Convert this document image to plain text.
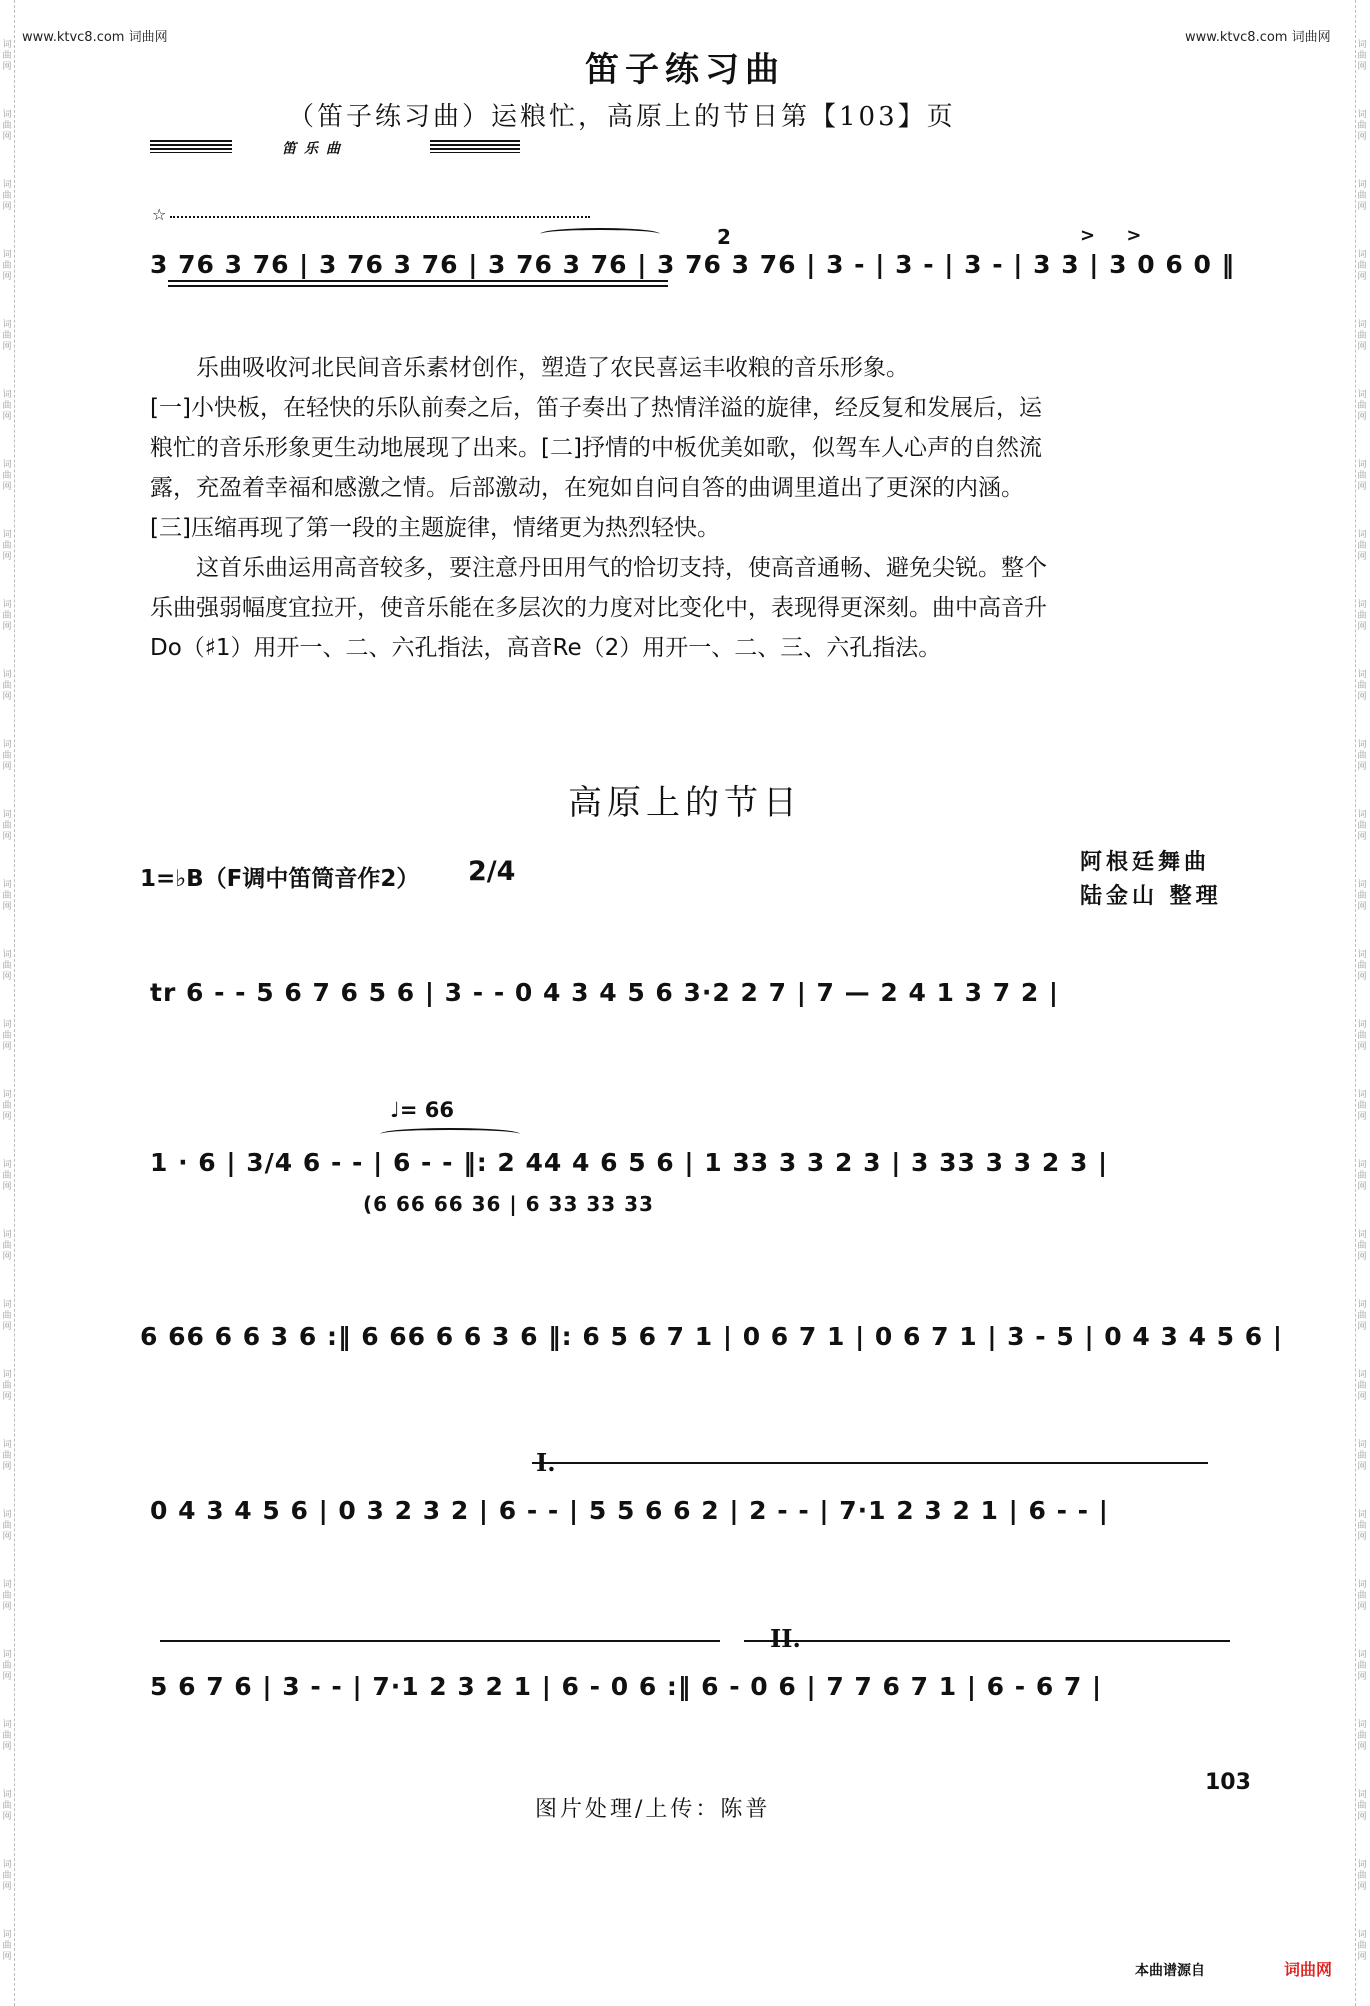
词
曲
网
词
曲
网
词
曲
网
词
曲
网
词
曲
网
词
曲
网
词
曲
网
词
曲
网
词
曲
网
词
曲
网
词
曲
网
词
曲
网
词
曲
网
词
曲
网
词
曲
网
词
曲
网
词
曲
网
词
曲
网
词
曲
网
词
曲
网
词
曲
网
词
曲
网
词
曲
网
词
曲
网
词
曲
网
词
曲
网
词
曲
网
词
曲
网
词
曲
网
词
曲
网
词
曲
网
词
曲
网
词
曲
网
词
曲
网
词
曲
网
词
曲
网
词
曲
网
词
曲
网
词
曲
网
词
曲
网
词
曲
网
词
曲
网
词
曲
网
词
曲
网
词
曲
网
词
曲
网
词
曲
网
词
曲
网
词
曲
网
词
曲
网
词
曲
网
词
曲
网
词
曲
网
词
曲
网
词
曲
网
词
曲
网
www.ktvc8.com 词曲网	www.ktvc8.com 词曲网
笛子练习曲
（笛子练习曲）运粮忙，高原上的节日第【103】页
笛乐曲
☆
2
3 76 3 76 | 3 76 3 76 | 3 76 3 76 | 3 76 3 76 | 3 - | 3 - | 3 - | 3 3 | 3 0 6 0 ‖
>     >
乐曲吸收河北民间音乐素材创作，塑造了农民喜运丰收粮的音乐形象。
[一]小快板，在轻快的乐队前奏之后，笛子奏出了热情洋溢的旋律，经反复和发展后，运
粮忙的音乐形象更生动地展现了出来。[二]抒情的中板优美如歌，似驾车人心声的自然流
露，充盈着幸福和感激之情。后部激动，在宛如自问自答的曲调里道出了更深的内涵。
[三]压缩再现了第一段的主题旋律，情绪更为热烈轻快。
这首乐曲运用高音较多，要注意丹田用气的恰切支持，使高音通畅、避免尖锐。整个
乐曲强弱幅度宜拉开，使音乐能在多层次的力度对比变化中，表现得更深刻。曲中高音升
Do（♯1）用开一、二、六孔指法，高音Re（2）用开一、二、三、六孔指法。
高原上的节日
1=♭B（F调中笛筒音作2） 2/4	阿根廷舞曲
陆金山 整理
tr 6 - - 5 6 7 6 5 6 | 3 - - 0 4 3 4 5 6 3·2 2 7 | 7 — 2 4 1 3 7 2 |
♩= 66
1 · 6 | 3/4 6 - - | 6 - - ‖: 2 44 4 6 5 6 | 1 33 3 3 2 3 | 3 33 3 3 2 3 |
(6 66 66 36 | 6 33 33 33
6 66 6 6 3 6 :‖ 6 66 6 6 3 6 ‖: 6 5 6 7 1 | 0 6 7 1 | 0 6 7 1 | 3 - 5 | 0 4 3 4 5 6 |
I.
0 4 3 4 5 6 | 0 3 2 3 2 | 6 - - | 5 5 6 6 2 | 2 - - | 7·1 2 3 2 1 | 6 - - |
II.
5 6 7 6 | 3 - - | 7·1 2 3 2 1 | 6 - 0 6 :‖ 6 - 0 6 | 7 7 6 7 1 | 6 - 6 7 |
103
图片处理/上传：陈普
本曲谱源自	词曲网
